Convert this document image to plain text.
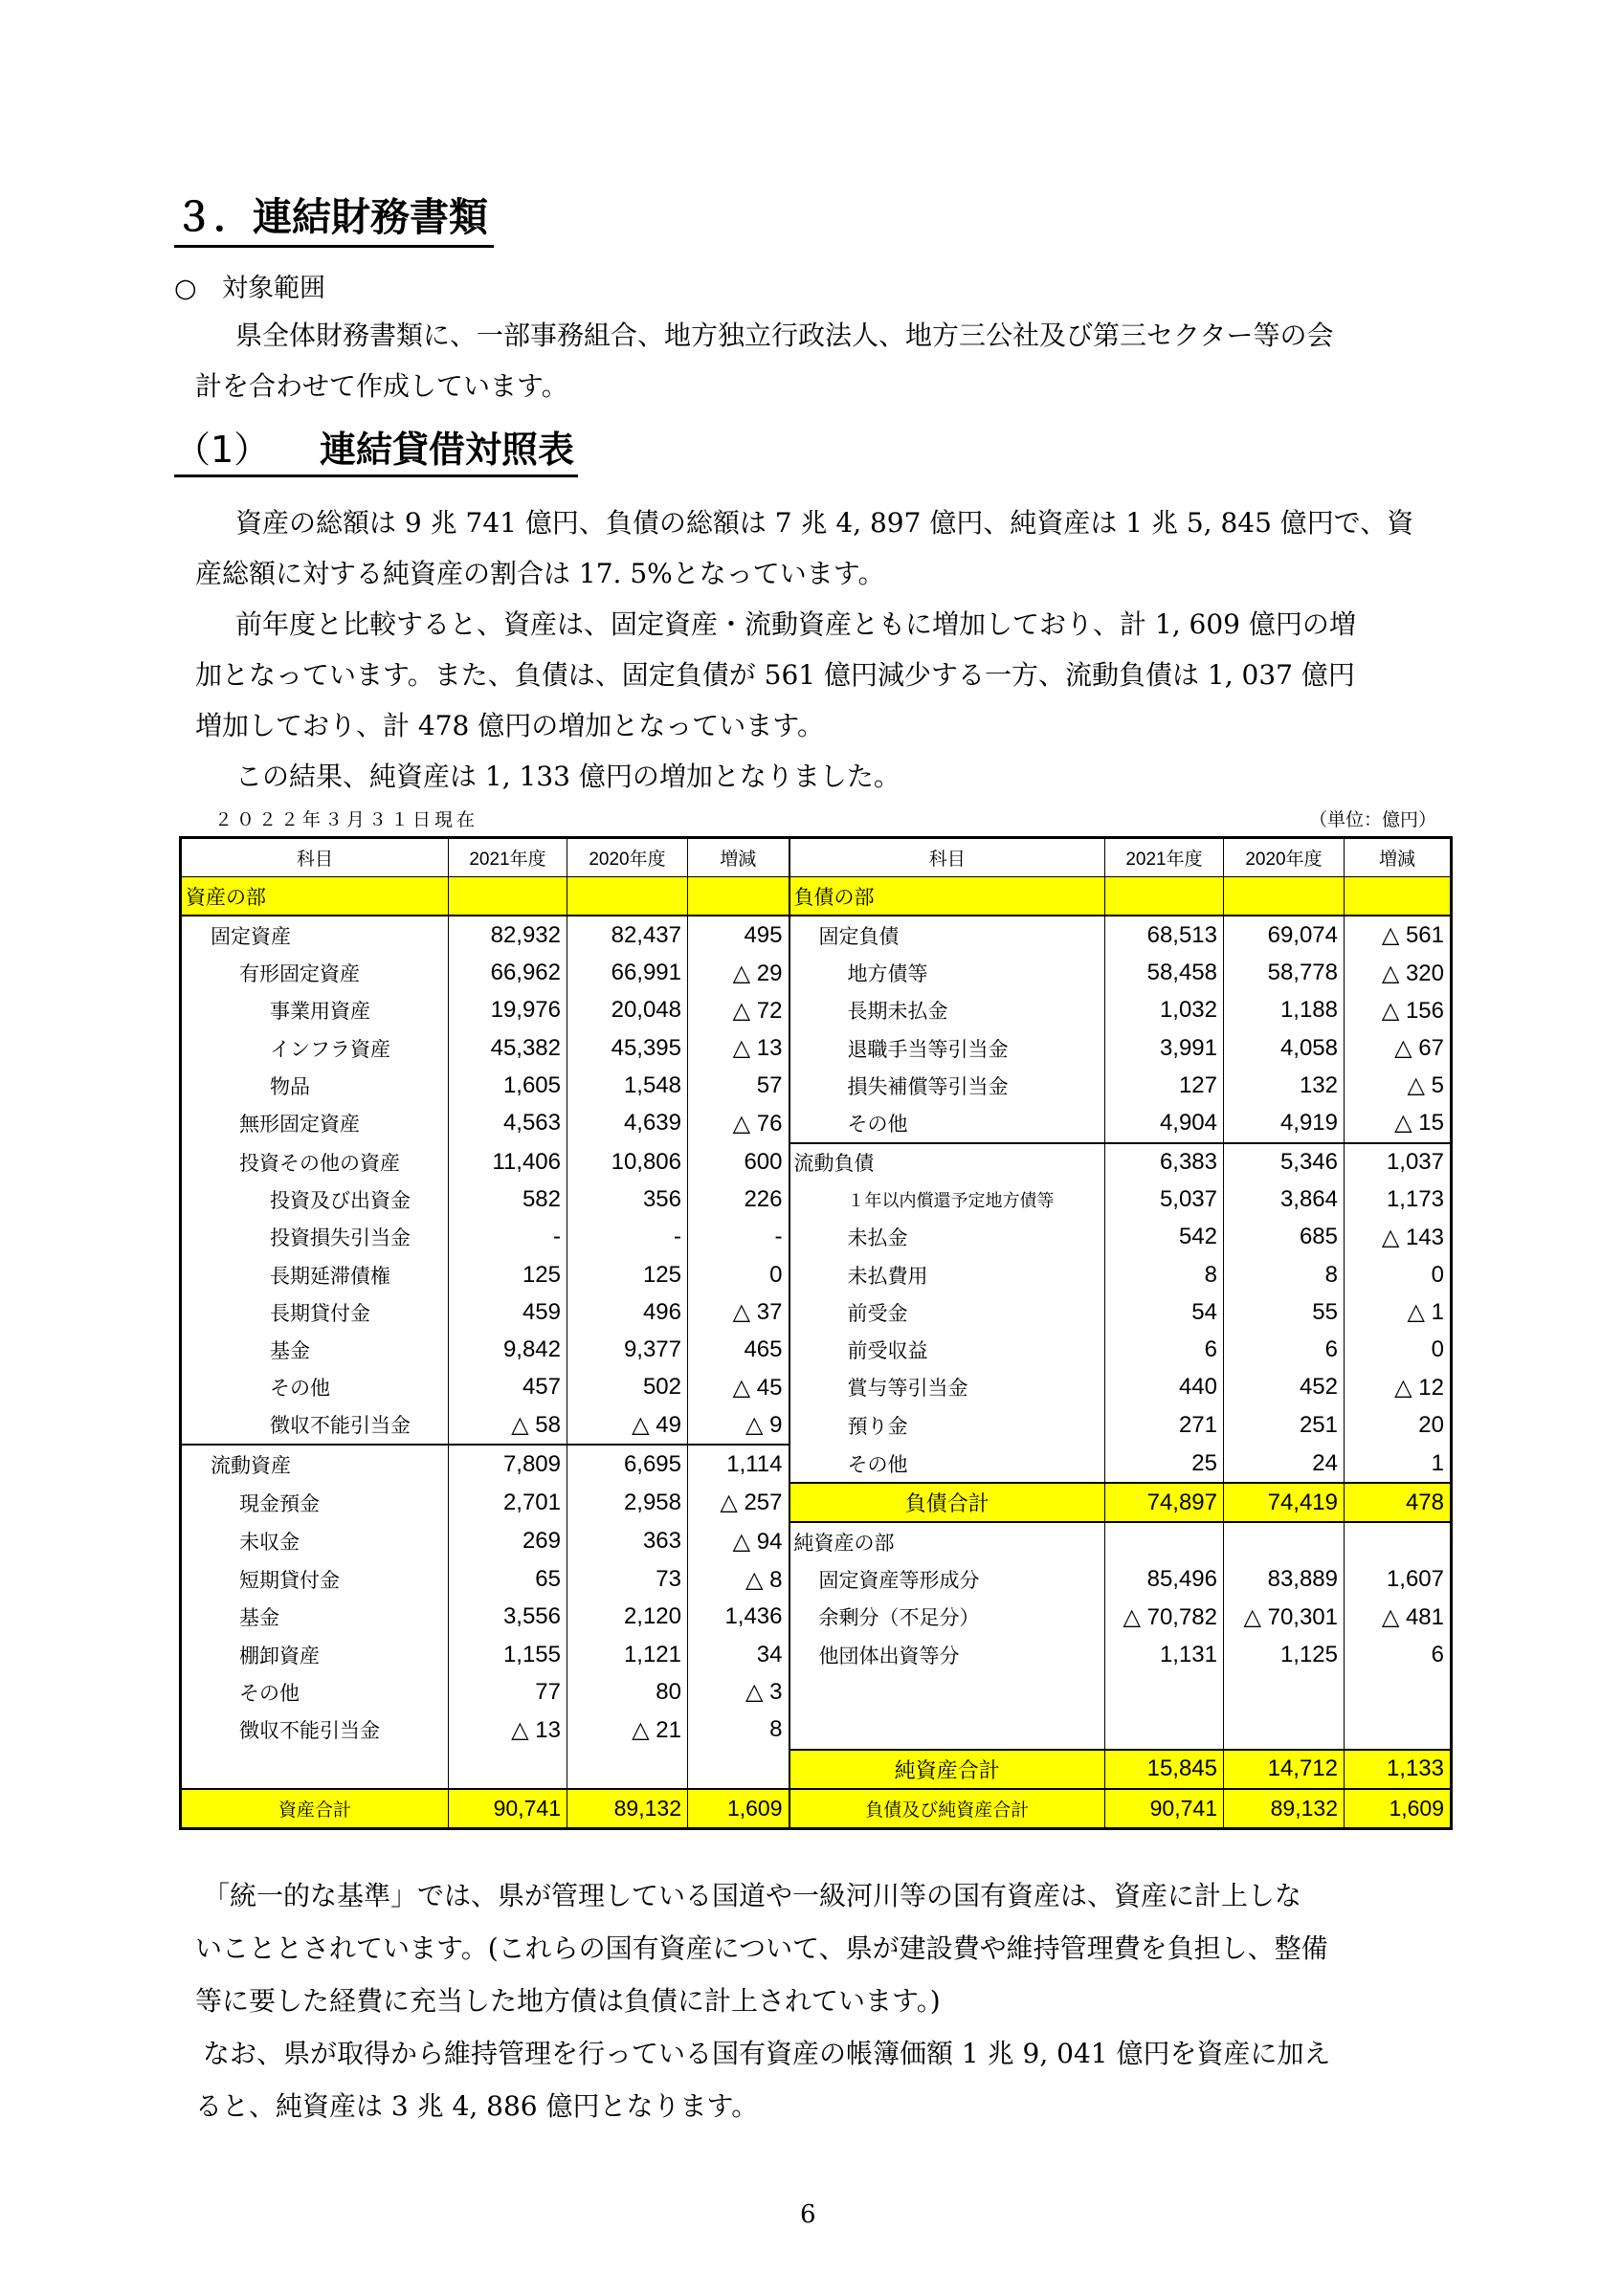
３．連結財務書類
○ 対象範囲
県全体財務書類に、一部事務組合、地方独立行政法人、地方三公社及び第三セクター等の会
計を合わせて作成しています。
（1） 連結貸借対照表
資産の総額は 9 兆 741 億円、負債の総額は 7 兆 4, 897 億円、純資産は 1 兆 5, 845 億円で、資
産総額に対する純資産の割合は 17. 5%となっています。
前年度と比較すると、資産は、固定資産・流動資産ともに増加しており、計 1, 609 億円の増
加となっています。また、負債は、固定負債が 561 億円減少する一方、流動負債は 1, 037 億円
増加しており、計 478 億円の増加となっています。
この結果、純資産は 1, 133 億円の増加となりました。
２０２２年３月３１日現在	（単位：億円）
科目	2021年度	2020年度	増減	科目	2021年度	2020年度	増減
資産の部				負債の部			
固定資産	82,932	82,437	495	固定負債	68,513	69,074	△ 561
有形固定資産	66,962	66,991	△ 29	地方債等	58,458	58,778	△ 320
事業用資産	19,976	20,048	△ 72	長期未払金	1,032	1,188	△ 156
インフラ資産	45,382	45,395	△ 13	退職手当等引当金	3,991	4,058	△ 67
物品	1,605	1,548	57	損失補償等引当金	127	132	△ 5
無形固定資産	4,563	4,639	△ 76	その他	4,904	4,919	△ 15
投資その他の資産	11,406	10,806	600	流動負債	6,383	5,346	1,037
投資及び出資金	582	356	226	１年以内償還予定地方債等	5,037	3,864	1,173
投資損失引当金	-	-	-	未払金	542	685	△ 143
長期延滞債権	125	125	0	未払費用	8	8	0
長期貸付金	459	496	△ 37	前受金	54	55	△ 1
基金	9,842	9,377	465	前受収益	6	6	0
その他	457	502	△ 45	賞与等引当金	440	452	△ 12
徴収不能引当金	△ 58	△ 49	△ 9	預り金	271	251	20
流動資産	7,809	6,695	1,114	その他	25	24	1
現金預金	2,701	2,958	△ 257	負債合計	74,897	74,419	478
未収金	269	363	△ 94	純資産の部			
短期貸付金	65	73	△ 8	固定資産等形成分	85,496	83,889	1,607
基金	3,556	2,120	1,436	余剰分（不足分）	△ 70,782	△ 70,301	△ 481
棚卸資産	1,155	1,121	34	他団体出資等分	1,131	1,125	6
その他	77	80	△ 3				
徴収不能引当金	△ 13	△ 21	8				
				純資産合計	15,845	14,712	1,133
資産合計	90,741	89,132	1,609	負債及び純資産合計	90,741	89,132	1,609
「統一的な基準」では、県が管理している国道や一級河川等の国有資産は、資産に計上しな
いこととされています。(これらの国有資産について、県が建設費や維持管理費を負担し、整備
等に要した経費に充当した地方債は負債に計上されています。)
なお、県が取得から維持管理を行っている国有資産の帳簿価額 1 兆 9, 041 億円を資産に加え
ると、純資産は 3 兆 4, 886 億円となります。
6
